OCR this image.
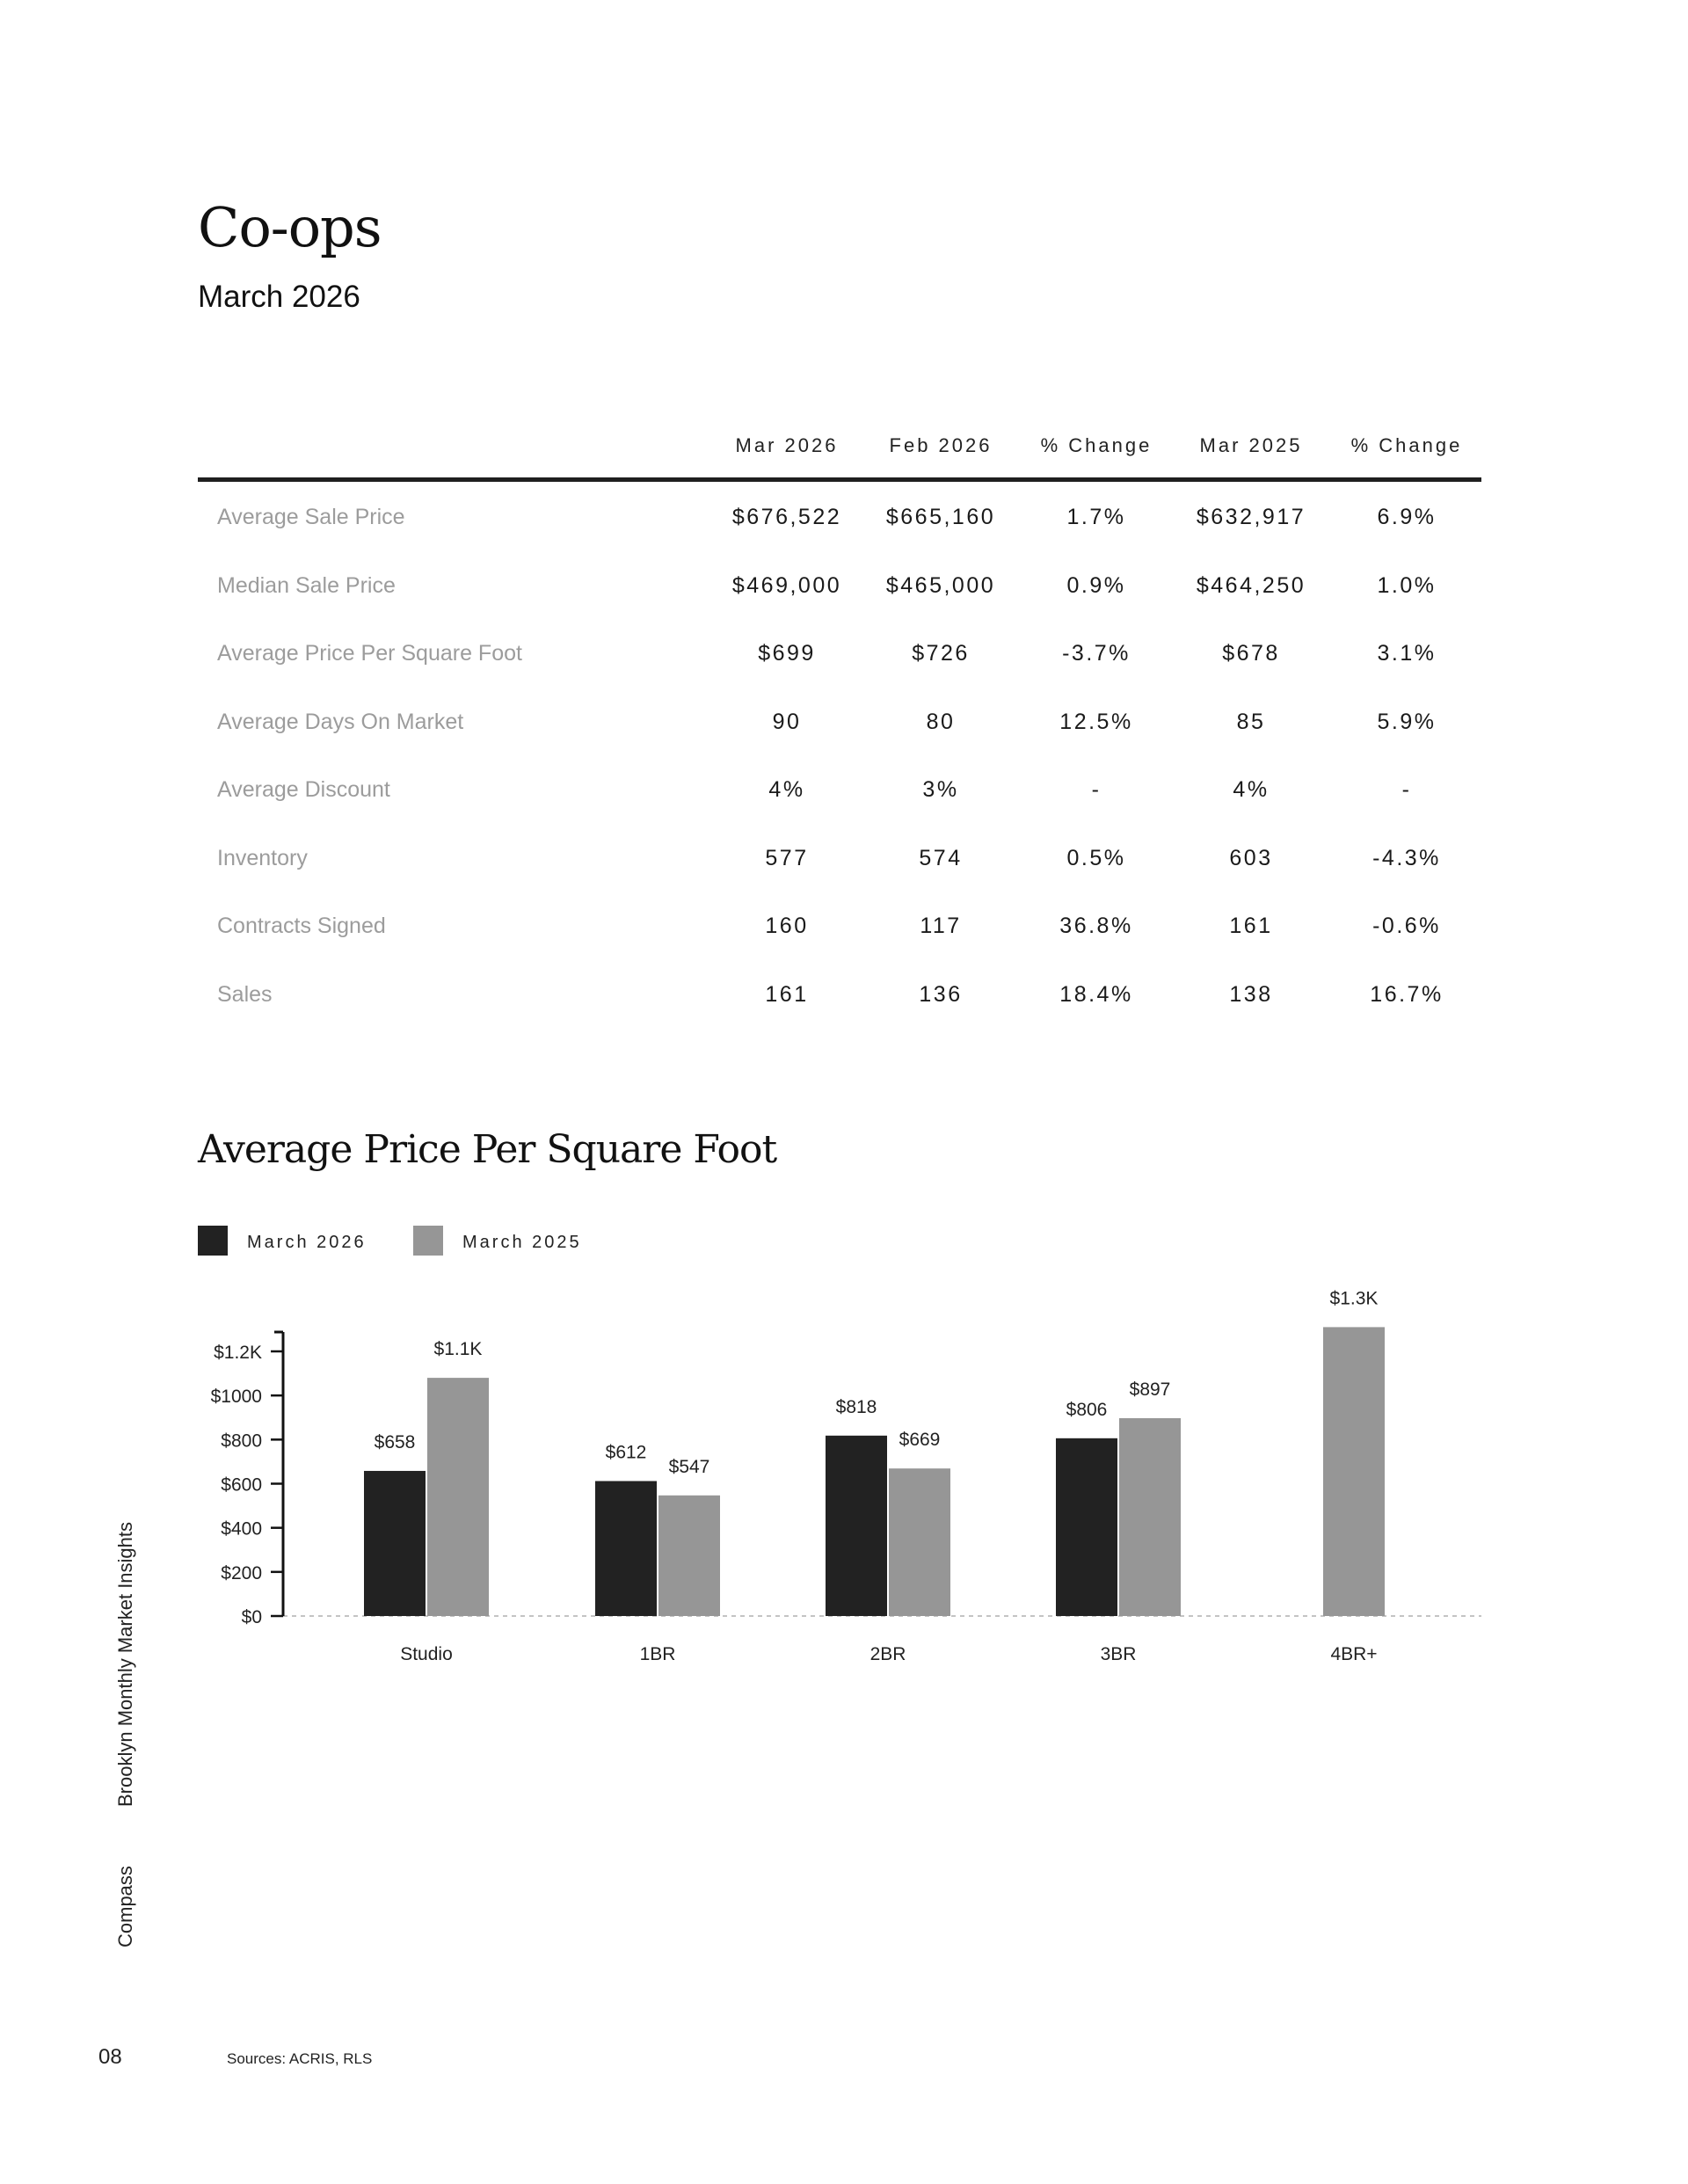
Co-ops
March 2026
Mar 2026	Feb 2026	% Change	Mar 2025	% Change
Average Sale Price	$676,522	$665,160	1.7%	$632,917	6.9%
Median Sale Price	$469,000	$465,000	0.9%	$464,250	1.0%
Average Price Per Square Foot	$699	$726	-3.7%	$678	3.1%
Average Days On Market	90	80	12.5%	85	5.9%
Average Discount	4%	3%	-	4%	-
Inventory	577	574	0.5%	603	-4.3%
Contracts Signed	160	117	36.8%	161	-0.6%
Sales	161	136	18.4%	138	16.7%
Average Price Per Square Foot
March 2026	March 2025
$0
$200
$400
$600
$800
$1000
$1.2K
$658
$1.1K
Studio
$612
$547
1BR
$818
$669
2BR
$806
$897
3BR
$1.3K
4BR+
Brooklyn Monthly Market Insights
Compass
08	Sources: ACRIS, RLS
